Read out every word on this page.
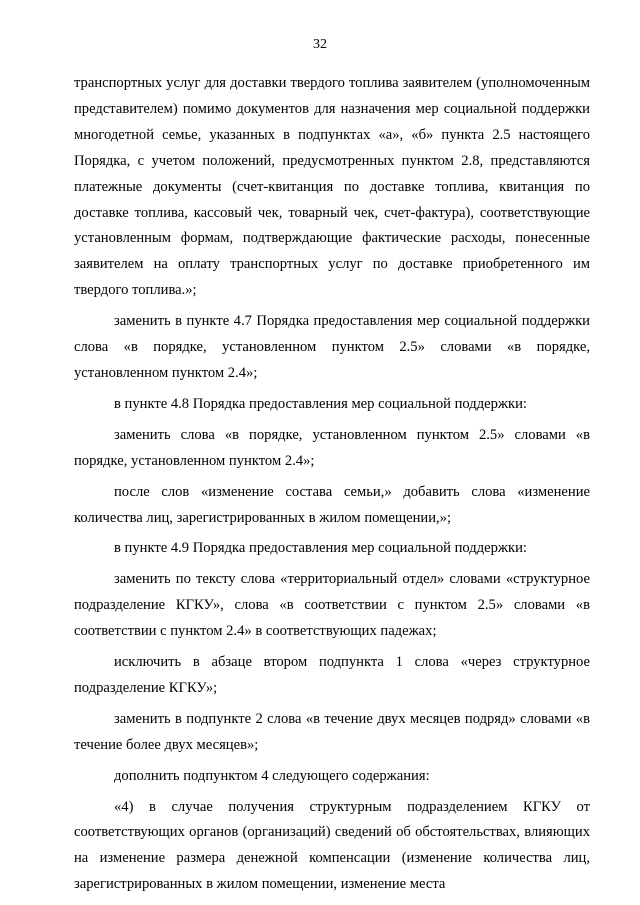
32

транспортных услуг для доставки твердого топлива заявителем (уполномоченным представителем) помимо документов для назначения мер социальной поддержки многодетной семье, указанных в подпунктах «а», «б» пункта 2.5 настоящего Порядка, с учетом положений, предусмотренных пунктом 2.8, представляются платежные документы (счет-квитанция по доставке топлива, квитанция по доставке топлива, кассовый чек, товарный чек, счет-фактура), соответствующие установленным формам, подтверждающие фактические расходы, понесенные заявителем на оплату транспортных услуг по доставке приобретенного им твердого топлива.»;

заменить в пункте 4.7 Порядка предоставления мер социальной поддержки слова «в порядке, установленном пунктом 2.5» словами «в порядке, установленном пунктом 2.4»;

в пункте 4.8 Порядка предоставления мер социальной поддержки:

заменить слова «в порядке, установленном пунктом 2.5» словами «в порядке, установленном пунктом 2.4»;

после слов «изменение состава семьи,» добавить слова «изменение количества лиц, зарегистрированных в жилом помещении,»;

в пункте 4.9 Порядка предоставления мер социальной поддержки:

заменить по тексту слова «территориальный отдел» словами «структурное подразделение КГКУ», слова «в соответствии с пунктом 2.5» словами «в соответствии с пунктом 2.4» в соответствующих падежах;

исключить в абзаце втором подпункта 1 слова «через структурное подразделение КГКУ»;

заменить в подпункте 2 слова «в течение двух месяцев подряд» словами «в течение более двух месяцев»;

дополнить подпунктом 4 следующего содержания:

«4) в случае получения структурным подразделением КГКУ от соответствующих органов (организаций) сведений об обстоятельствах, влияющих на изменение размера денежной компенсации (изменение количества лиц, зарегистрированных в жилом помещении, изменение места
